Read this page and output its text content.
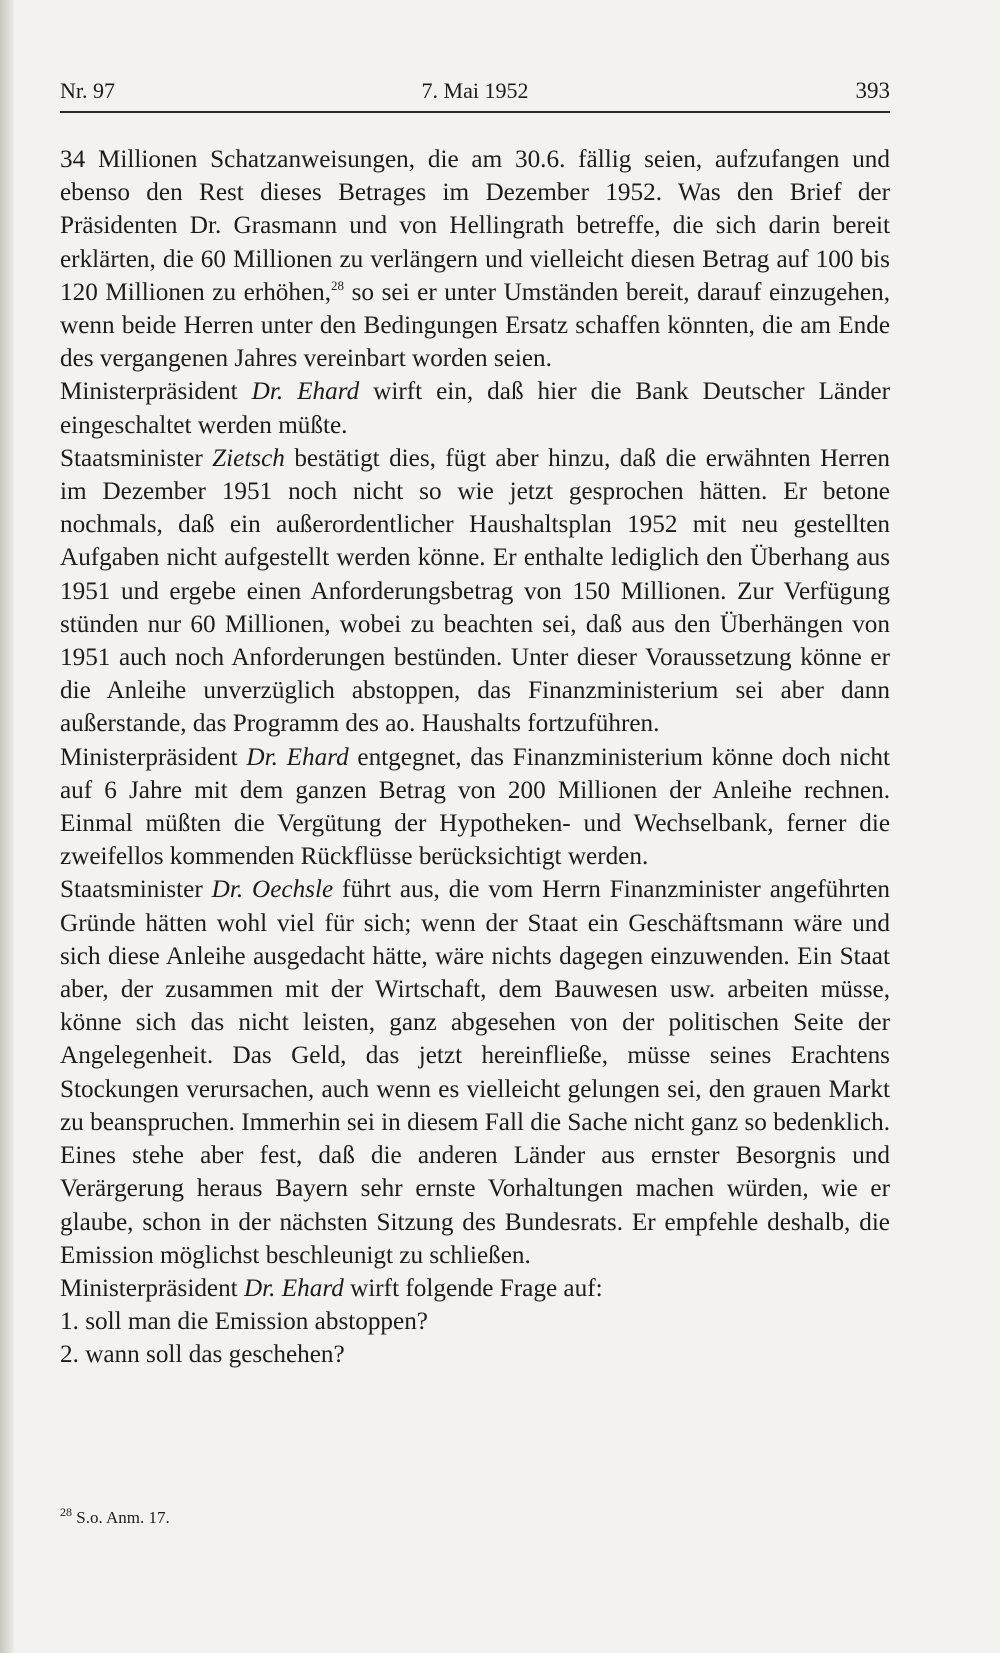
Nr. 97	7. Mai 1952	393

34 Millionen Schatzanweisungen, die am 30.6. fällig seien, aufzufangen und ebenso den Rest dieses Betrages im Dezember 1952. Was den Brief der Präsidenten Dr. Grasmann und von Hellingrath betreffe, die sich darin bereit erklärten, die 60 Millionen zu verlängern und vielleicht diesen Betrag auf 100 bis 120 Millionen zu erhöhen,$^{28}$ so sei er unter Umständen bereit, darauf einzugehen, wenn beide Herren unter den Bedingungen Ersatz schaffen könnten, die am Ende des vergangenen Jahres vereinbart worden seien.

Ministerpräsident Dr. Ehard wirft ein, daß hier die Bank Deutscher Länder eingeschaltet werden müßte.

Staatsminister Zietsch bestätigt dies, fügt aber hinzu, daß die erwähnten Herren im Dezember 1951 noch nicht so wie jetzt gesprochen hätten. Er betone nochmals, daß ein außerordentlicher Haushaltsplan 1952 mit neu gestellten Aufgaben nicht aufgestellt werden könne. Er enthalte lediglich den Überhang aus 1951 und ergebe einen Anforderungsbetrag von 150 Millionen. Zur Verfügung stünden nur 60 Millionen, wobei zu beachten sei, daß aus den Überhängen von 1951 auch noch Anforderungen bestünden. Unter dieser Voraussetzung könne er die Anleihe unverzüglich abstoppen, das Finanzministerium sei aber dann außerstande, das Programm des ao. Haushalts fortzuführen.

Ministerpräsident Dr. Ehard entgegnet, das Finanzministerium könne doch nicht auf 6 Jahre mit dem ganzen Betrag von 200 Millionen der Anleihe rechnen. Einmal müßten die Vergütung der Hypotheken- und Wechselbank, ferner die zweifellos kommenden Rückflüsse berücksichtigt werden.

Staatsminister Dr. Oechsle führt aus, die vom Herrn Finanzminister angeführten Gründe hätten wohl viel für sich; wenn der Staat ein Geschäftsmann wäre und sich diese Anleihe ausgedacht hätte, wäre nichts dagegen einzuwenden. Ein Staat aber, der zusammen mit der Wirtschaft, dem Bauwesen usw. arbeiten müsse, könne sich das nicht leisten, ganz abgesehen von der politischen Seite der Angelegenheit. Das Geld, das jetzt hereinfließe, müsse seines Erachtens Stockungen verursachen, auch wenn es vielleicht gelungen sei, den grauen Markt zu beanspruchen. Immerhin sei in diesem Fall die Sache nicht ganz so bedenklich. Eines stehe aber fest, daß die anderen Länder aus ernster Besorgnis und Verärgerung heraus Bayern sehr ernste Vorhaltungen machen würden, wie er glaube, schon in der nächsten Sitzung des Bundesrats. Er empfehle deshalb, die Emission möglichst beschleunigt zu schließen.

Ministerpräsident Dr. Ehard wirft folgende Frage auf:

1. soll man die Emission abstoppen?

2. wann soll das geschehen?

$^{28}$ S.o. Anm. 17.
